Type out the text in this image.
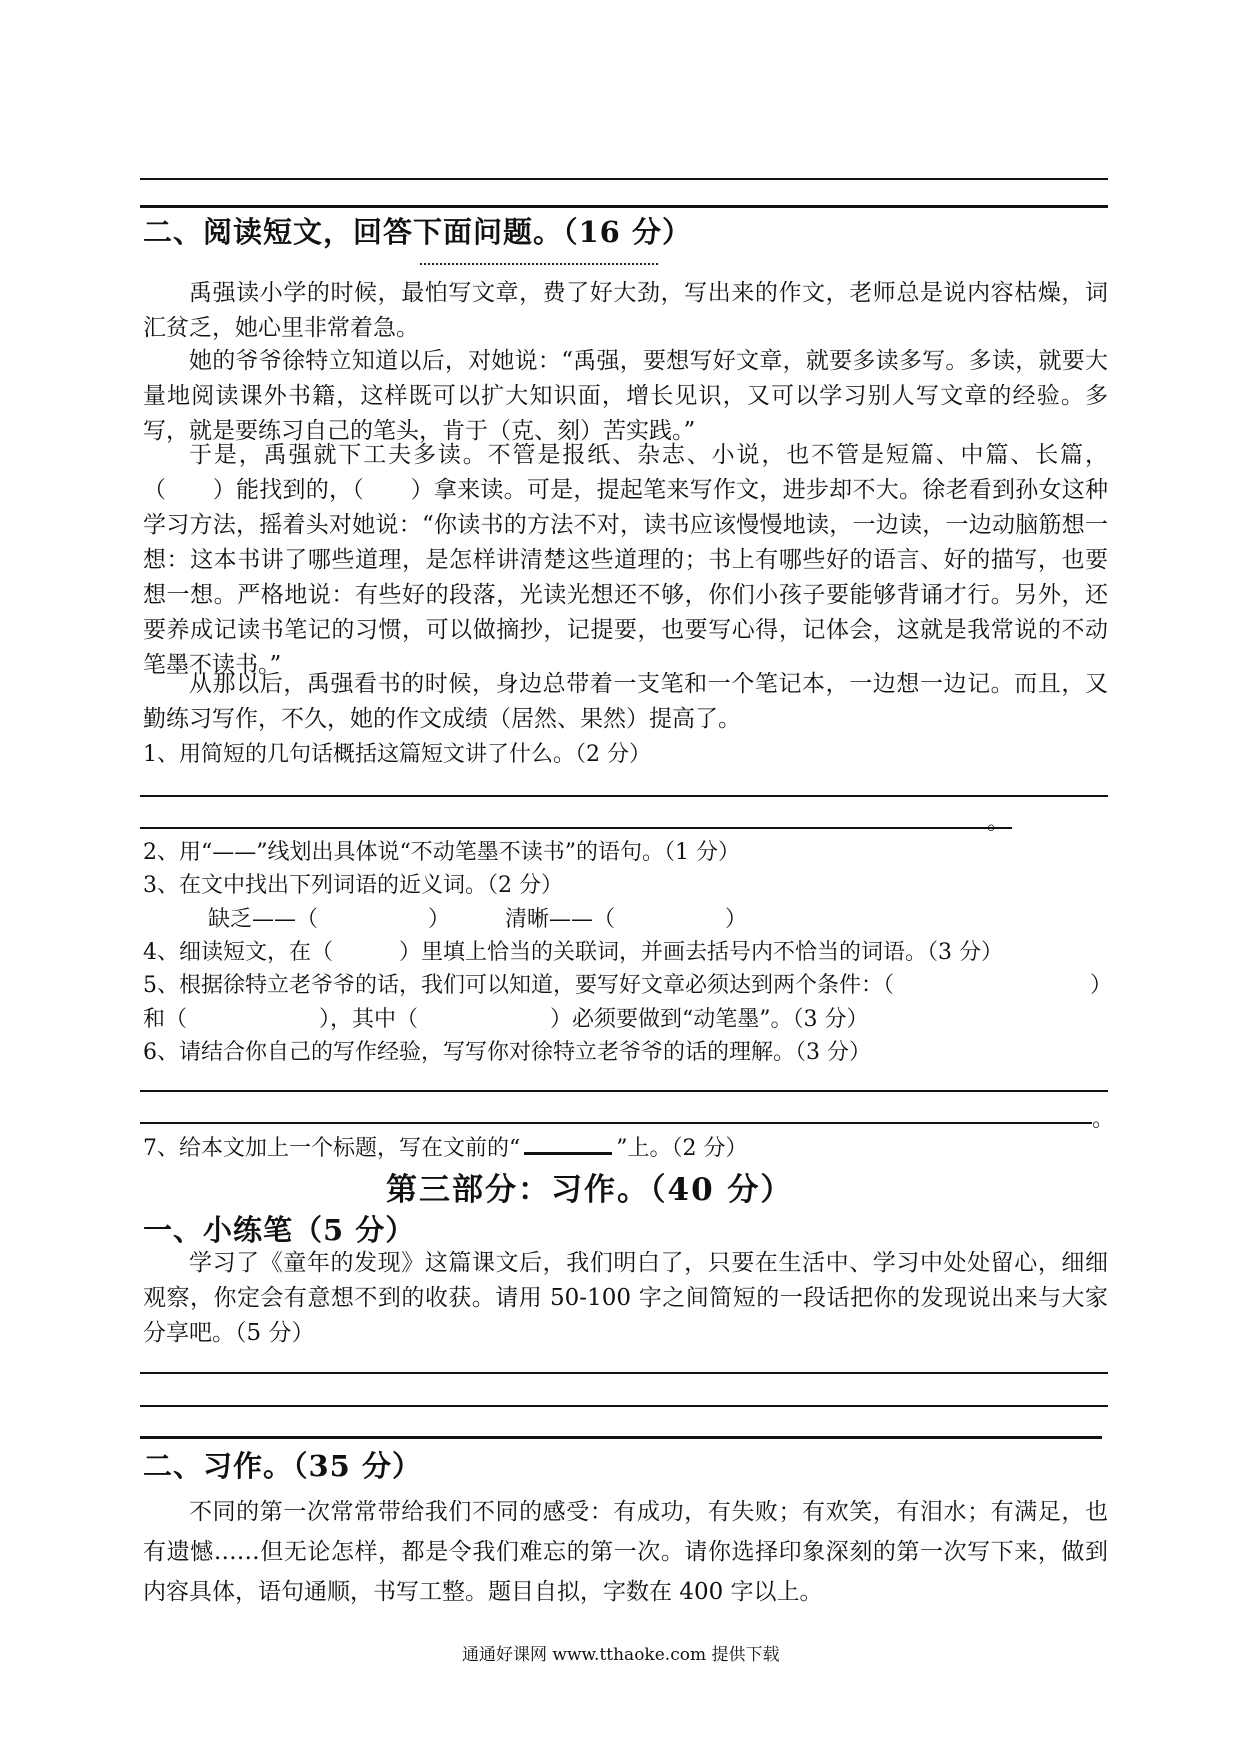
二、阅读短文，回答下面问题。（16 分）

禹强读小学的时候，最怕写文章，费了好大劲，写出来的作文，老师总是说内容枯燥，词汇贫乏，她心里非常着急。

她的爷爷徐特立知道以后，对她说：“禹强，要想写好文章，就要多读多写。多读，就要大量地阅读课外书籍，这样既可以扩大知识面，增长见识，又可以学习别人写文章的经验。多写，就是要练习自己的笔头，肯于（克、刻）苦实践。”

于是，禹强就下工夫多读。不管是报纸、杂志、小说，也不管是短篇、中篇、长篇，（　　）能找到的，（　　）拿来读。可是，提起笔来写作文，进步却不大。徐老看到孙女这种学习方法，摇着头对她说：“你读书的方法不对，读书应该慢慢地读，一边读，一边动脑筋想一想：这本书讲了哪些道理，是怎样讲清楚这些道理的；书上有哪些好的语言、好的描写，也要想一想。严格地说：有些好的段落，光读光想还不够，你们小孩子要能够背诵才行。另外，还要养成记读书笔记的习惯，可以做摘抄，记提要，也要写心得，记体会，这就是我常说的不动笔墨不读书。”

从那以后，禹强看书的时候，身边总带着一支笔和一个笔记本，一边想一边记。而且，又勤练习写作，不久，她的作文成绩（居然、果然）提高了。

1、用简短的几句话概括这篇短文讲了什么。（2 分）
。
2、用“——”线划出具体说“不动笔墨不读书”的语句。（1 分）
3、在文中找出下列词语的近义词。（2 分）
缺乏——（　　　　　） 清晰——（　　　　　）
4、细读短文，在（　　　）里填上恰当的关联词，并画去括号内不恰当的词语。（3 分）
5、根据徐特立老爷爷的话，我们可以知道，要写好文章必须达到两个条件：（	）
和（　　　　　　），其中（　　　　　　）必须要做到“动笔墨”。（3 分）
6、请结合你自己的写作经验，写写你对徐特立老爷爷的话的理解。（3 分）
。
7、给本文加上一个标题，写在文前的“	”上。（2 分）
第三部分：习作。（40 分）
一、小练笔（5 分）

学习了《童年的发现》这篇课文后，我们明白了，只要在生活中、学习中处处留心，细细观察，你定会有意想不到的收获。请用 50-100 字之间简短的一段话把你的发现说出来与大家分享吧。（5 分）

二、习作。（35 分）

不同的第一次常常带给我们不同的感受：有成功，有失败；有欢笑，有泪水；有满足，也有遗憾……但无论怎样，都是令我们难忘的第一次。请你选择印象深刻的第一次写下来，做到内容具体，语句通顺，书写工整。题目自拟，字数在 400 字以上。

通通好课网 www.tthaoke.com 提供下载
